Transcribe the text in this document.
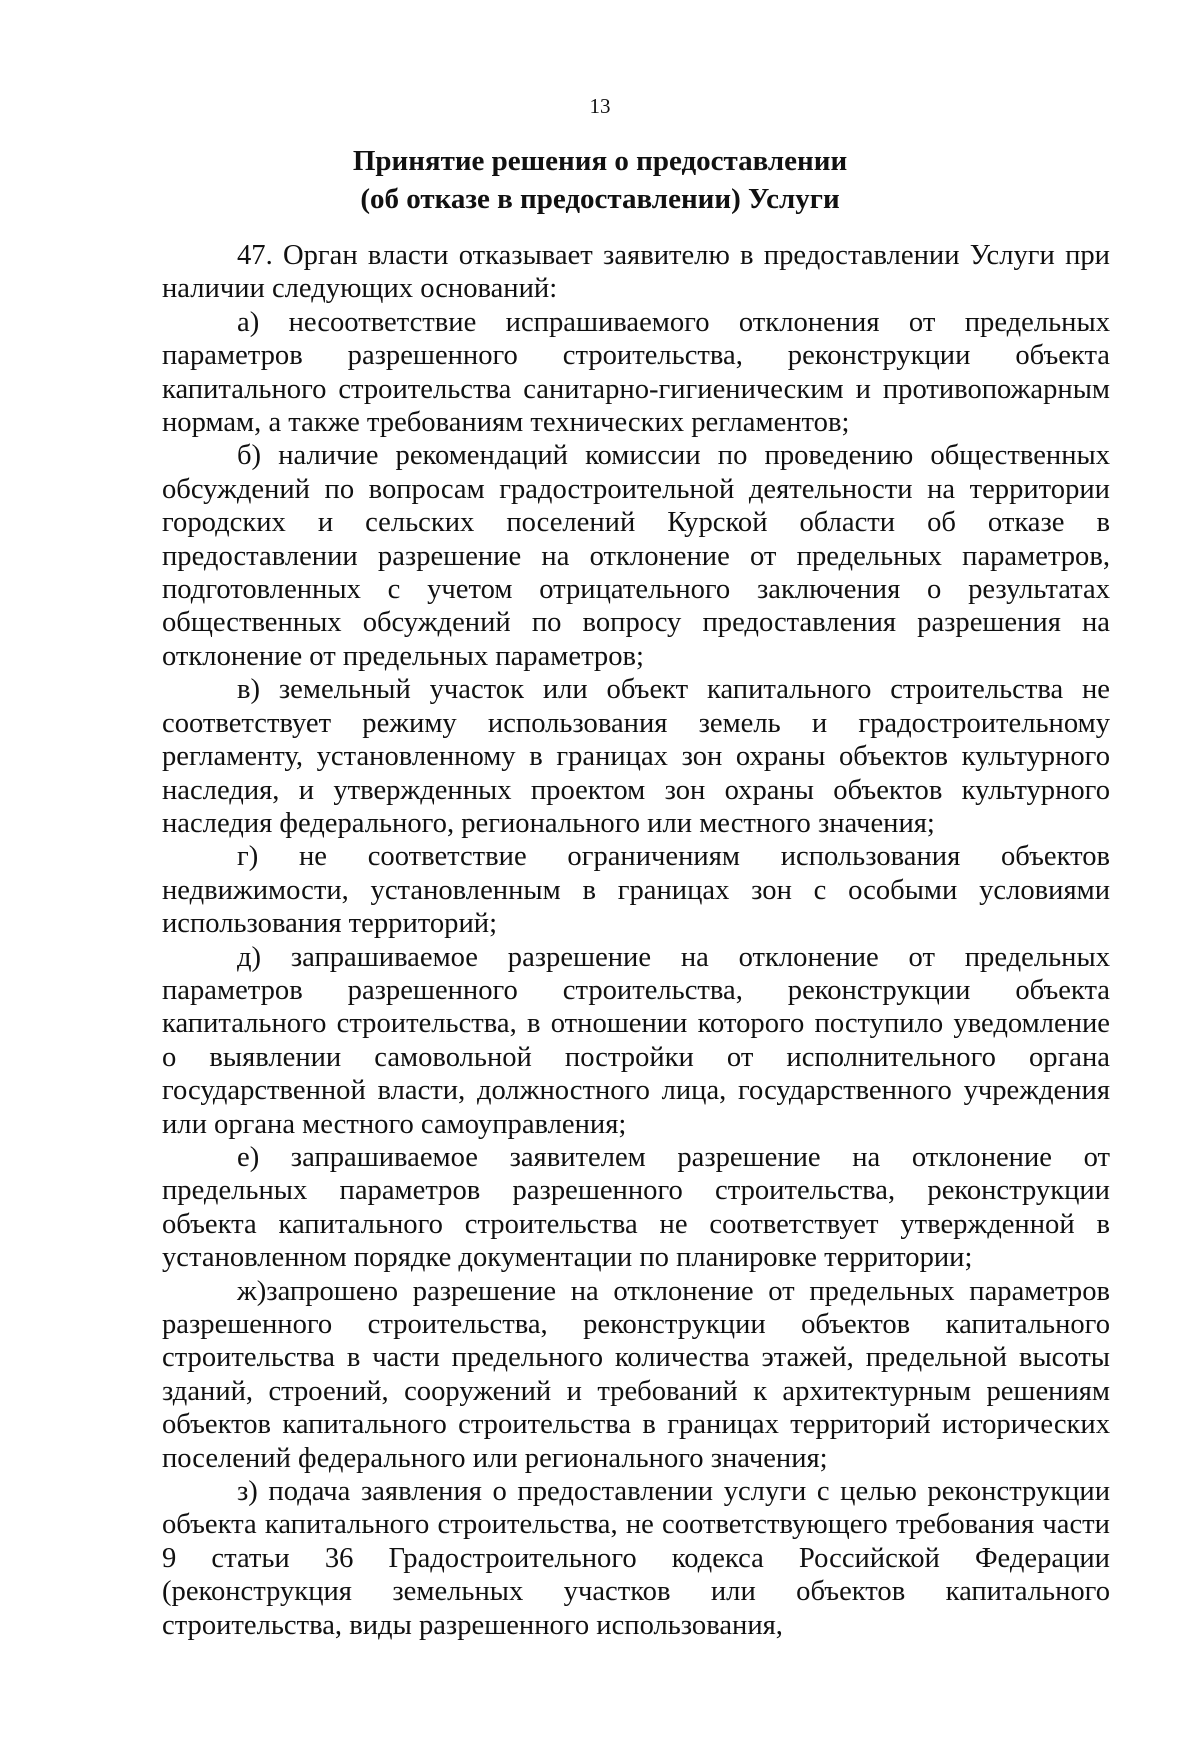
13
Принятие решения о предоставлении
(об отказе в предоставлении) Услуги

47. Орган власти отказывает заявителю в предоставлении Услуги при наличии следующих оснований:

а) несоответствие испрашиваемого отклонения от предельных параметров разрешенного строительства, реконструкции объекта капитального строительства санитарно-гигиеническим и противопожарным нормам, а также требованиям технических регламентов;

б) наличие рекомендаций комиссии по проведению общественных обсуждений по вопросам градостроительной деятельности на территории городских и сельских поселений Курской области об отказе в предоставлении разрешение на отклонение от предельных параметров, подготовленных с учетом отрицательного заключения о результатах общественных обсуждений по вопросу предоставления разрешения на отклонение от предельных параметров;

в) земельный участок или объект капитального строительства не соответствует режиму использования земель и градостроительному регламенту, установленному в границах зон охраны объектов культурного наследия, и утвержденных проектом зон охраны объектов культурного наследия федерального, регионального или местного значения;

г) не соответствие ограничениям использования объектов недвижимости, установленным в границах зон с особыми условиями использования территорий;

д) запрашиваемое разрешение на отклонение от предельных параметров разрешенного строительства, реконструкции объекта капитального строительства, в отношении которого поступило уведомление о выявлении самовольной постройки от исполнительного органа государственной власти, должностного лица, государственного учреждения или органа местного самоуправления;

е) запрашиваемое заявителем разрешение на отклонение от предельных параметров разрешенного строительства, реконструкции объекта капитального строительства не соответствует утвержденной в установленном порядке документации по планировке территории;

ж)запрошено разрешение на отклонение от предельных параметров разрешенного строительства, реконструкции объектов капитального строительства в части предельного количества этажей, предельной высоты зданий, строений, сооружений и требований к архитектурным решениям объектов капитального строительства в границах территорий исторических поселений федерального или регионального значения;

з) подача заявления о предоставлении услуги с целью реконструкции объекта капитального строительства, не соответствующего требования части 9 статьи 36 Градостроительного кодекса Российской Федерации (реконструкция земельных участков или объектов капитального строительства, виды разрешенного использования,
